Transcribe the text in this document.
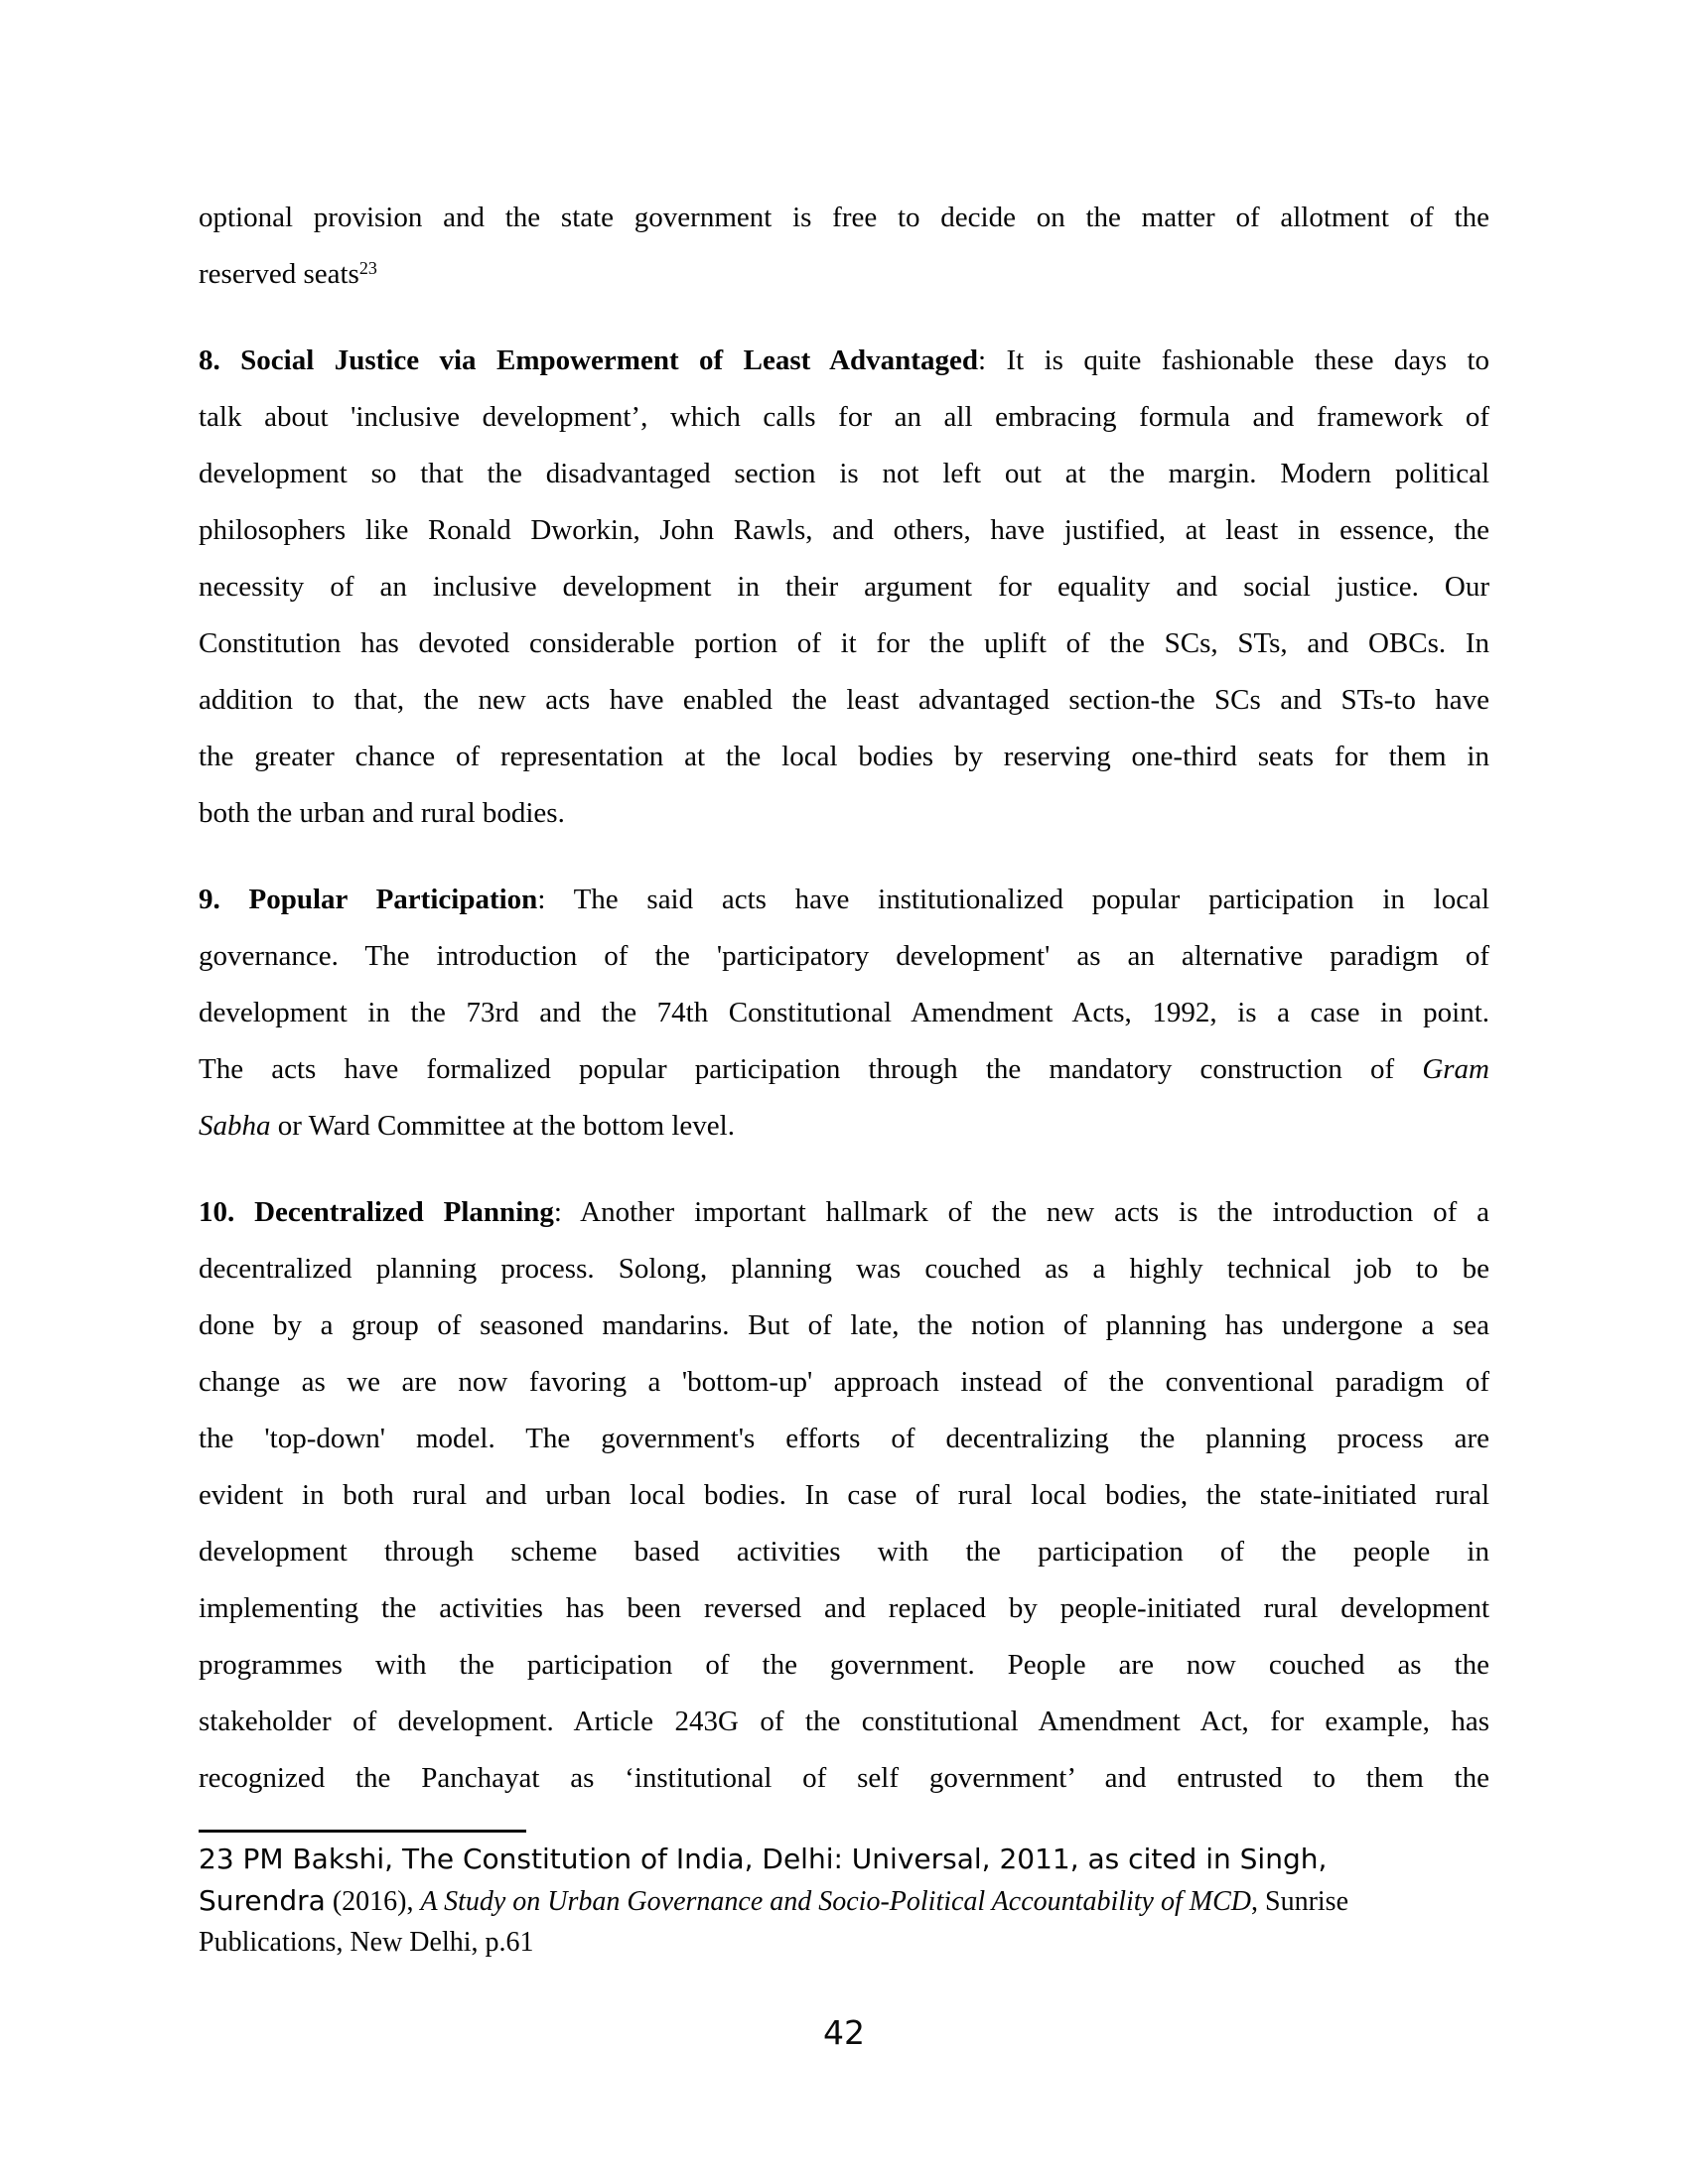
optional provision and the state government is free to decide on the matter of allotment of the
reserved seats$^{23}$
8. Social Justice via Empowerment of Least Advantaged: It is quite fashionable these days to
talk about 'inclusive development’, which calls for an all embracing formula and framework of
development so that the disadvantaged section is not left out at the margin. Modern political
philosophers like Ronald Dworkin, John Rawls, and others, have justified, at least in essence, the
necessity of an inclusive development in their argument for equality and social justice. Our
Constitution has devoted considerable portion of it for the uplift of the SCs, STs, and OBCs. In
addition to that, the new acts have enabled the least advantaged section-the SCs and STs-to have
the greater chance of representation at the local bodies by reserving one-third seats for them in
both the urban and rural bodies.
9. Popular Participation: The said acts have institutionalized popular participation in local
governance. The introduction of the 'participatory development' as an alternative paradigm of
development in the 73rd and the 74th Constitutional Amendment Acts, 1992, is a case in point.
The acts have formalized popular participation through the mandatory construction of Gram
Sabha or Ward Committee at the bottom level.
10. Decentralized Planning: Another important hallmark of the new acts is the introduction of a
decentralized planning process. Solong, planning was couched as a highly technical job to be
done by a group of seasoned mandarins. But of late, the notion of planning has undergone a sea
change as we are now favoring a 'bottom-up' approach instead of the conventional paradigm of
the 'top-down' model. The government's efforts of decentralizing the planning process are
evident in both rural and urban local bodies. In case of rural local bodies, the state-initiated rural
development through scheme based activities with the participation of the people in
implementing the activities has been reversed and replaced by people-initiated rural development
programmes with the participation of the government. People are now couched as the
stakeholder of development. Article 243G of the constitutional Amendment Act, for example, has
recognized the Panchayat as ‘institutional of self government’ and entrusted to them the
23 PM Bakshi, The Constitution of India, Delhi: Universal, 2011, as cited in Singh,
Surendra (2016), A Study on Urban Governance and Socio-Political Accountability of MCD, Sunrise
Publications, New Delhi, p.61
42
